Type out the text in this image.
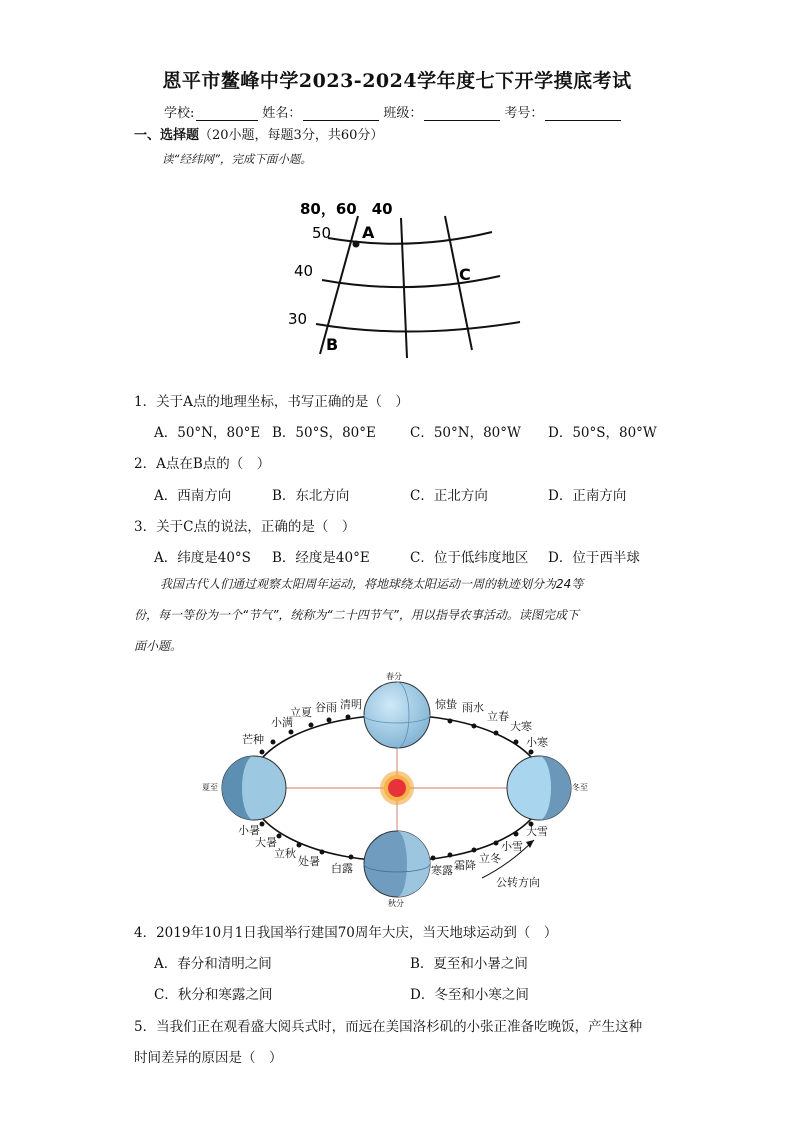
恩平市鳌峰中学2023-2024学年度七下开学摸底考试
学校:	姓名：	班级：	考号：
一、选择题（20小题，每题3分，共60分）
读“经纬网”，完成下面小题。
80，60　40
50
40
30
A
B
C
1．关于A点的地理坐标，书写正确的是（　）
A．50°N，80°E B．50°S，80°E	C．50°N，80°W D．50°S，80°W
2．A点在B点的（　）
A．西南方向	B．东北方向	C．正北方向	D．正南方向
3．关于C点的说法，正确的是（　）
A．纬度是40°S B．经度是40°E	C．位于低纬度地区 D．位于西半球
我国古代人们通过观察太阳周年运动，将地球绕太阳运动一周的轨迹划分为24等
份，每一等份为一个“节气”，统称为“二十四节气”，用以指导农事活动。读图完成下
面小题。
春分
夏至
秋分
冬至
惊蛰 雨水
立春
大寒
小寒
大雪
小雪
立冬
霜降
寒露
白露
处暑
立秋
大暑
小暑
芒种
小满
立夏 谷雨 清明
公转方向
4．2019年10月1日我国举行建国70周年大庆，当天地球运动到（　）
A．春分和清明之间	B．夏至和小暑之间
C．秋分和寒露之间	D．冬至和小寒之间
5．当我们正在观看盛大阅兵式时，而远在美国洛杉矶的小张正准备吃晚饭，产生这种
时间差异的原因是（　）
